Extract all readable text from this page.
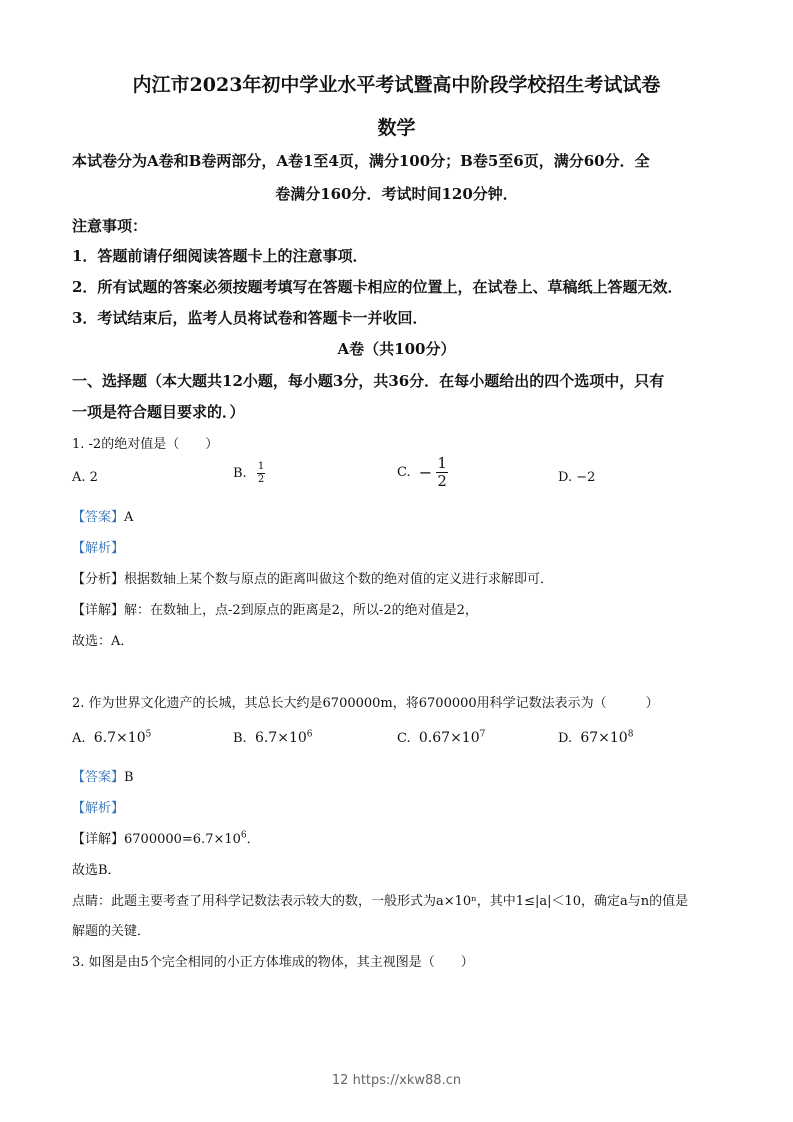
内江市2023年初中学业水平考试暨高中阶段学校招生考试试卷
数学
本试卷分为A卷和B卷两部分，A卷1至4页，满分100分；B卷5至6页，满分60分．全
卷满分160分．考试时间120分钟．
注意事项：
1．答题前请仔细阅读答题卡上的注意事项．
2．所有试题的答案必须按题考填写在答题卡相应的位置上，在试卷上、草稿纸上答题无效．
3．考试结束后，监考人员将试卷和答题卡一并收回．
A卷（共100分）
一、选择题（本大题共12小题，每小题3分，共36分．在每小题给出的四个选项中，只有
一项是符合题目要求的．）
1. -2的绝对值是（　　）
A. 2	B. $\frac{1}{2}$	C. − $\frac{1}{2}$	D. −2
【答案】A
【解析】
【分析】根据数轴上某个数与原点的距离叫做这个数的绝对值的定义进行求解即可．
【详解】解：在数轴上，点-2到原点的距离是2，所以-2的绝对值是2，
故选：A．
2. 作为世界文化遗产的长城，其总长大约是6700000m，将6700000用科学记数法表示为（　　　）
A. $6.7\times 10^5$	B. $6.7\times 10^6$	C. $0.67\times 10^7$	D. $67\times 10^8$
【答案】B
【解析】
【详解】$6700000=6.7\times 10^6$．
故选B．
点睛：此题主要考查了用科学记数法表示较大的数，一般形式为a×10ⁿ，其中1≤|a|＜10，确定a与n的值是
解题的关键．
3. 如图是由5个完全相同的小正方体堆成的物体，其主视图是（　　）
12 https://xkw88.cn
